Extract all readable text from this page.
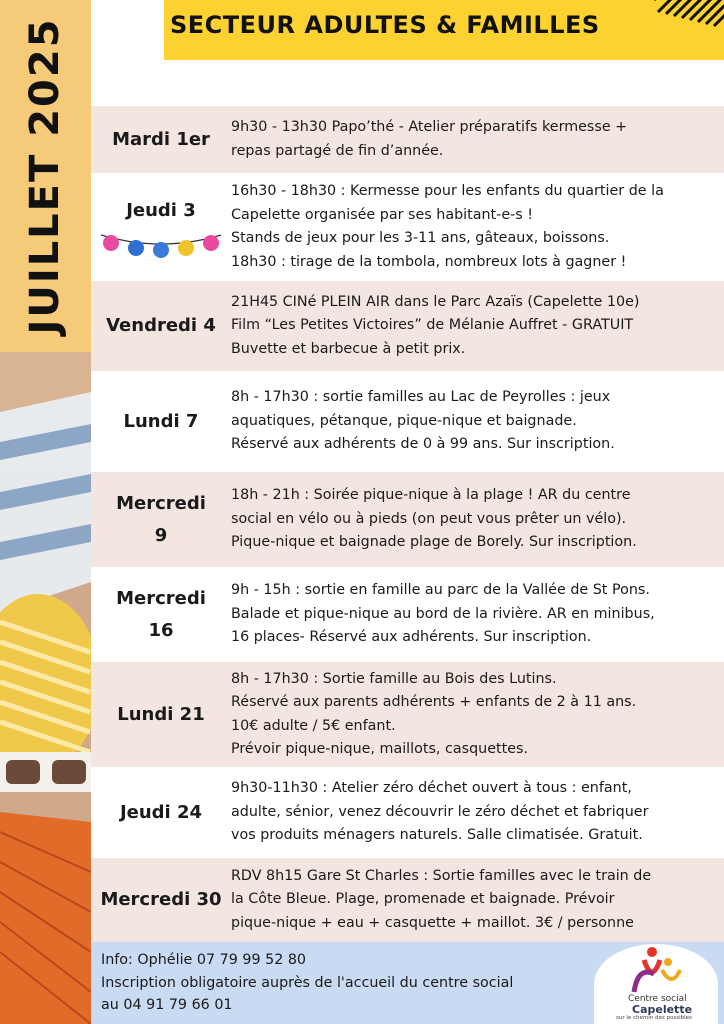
JUILLET 2025	SECTEUR ADULTES & FAMILLES
Mardi 1er

9h30 - 13h30 Papo’thé - Atelier préparatifs kermesse +

repas partagé de fin d’année.

Jeudi 3

16h30 - 18h30 : Kermesse pour les enfants du quartier de la

Capelette organisée par ses habitant-e-s !

Stands de jeux pour les 3-11 ans, gâteaux, boissons.

18h30 : tirage de la tombola, nombreux lots à gagner !

Vendredi 4

21H45 CINé PLEIN AIR dans le Parc Azaïs (Capelette 10e)

Film “Les Petites Victoires” de Mélanie Auffret - GRATUIT

Buvette et barbecue à petit prix.

Lundi 7

8h - 17h30 : sortie familles au Lac de Peyrolles : jeux

aquatiques, pétanque, pique-nique et baignade.

Réservé aux adhérents de 0 à 99 ans. Sur inscription.

Mercredi
9

18h - 21h : Soirée pique-nique à la plage ! AR du centre

social en vélo ou à pieds (on peut vous prêter un vélo).

Pique-nique et baignade plage de Borely. Sur inscription.

Mercredi
16

9h - 15h : sortie en famille au parc de la Vallée de St Pons.

Balade et pique-nique au bord de la rivière. AR en minibus,

16 places- Réservé aux adhérents. Sur inscription.

Lundi 21

8h - 17h30 : Sortie famille au Bois des Lutins.

Réservé aux parents adhérents + enfants de 2 à 11 ans.

10€ adulte / 5€ enfant.

Prévoir pique-nique, maillots, casquettes.

Jeudi 24

9h30-11h30 : Atelier zéro déchet ouvert à tous : enfant,

adulte, sénior, venez découvrir le zéro déchet et fabriquer

vos produits ménagers naturels. Salle climatisée. Gratuit.

Mercredi 30

RDV 8h15 Gare St Charles : Sortie familles avec le train de

la Côte Bleue. Plage, promenade et baignade. Prévoir

pique-nique + eau + casquette + maillot. 3€ / personne

Info: Ophélie 07 79 99 52 80

Inscription obligatoire auprès de l'accueil du centre social

au 04 91 79 66 01	Centre social
Capelette
sur le chemin des possibles
